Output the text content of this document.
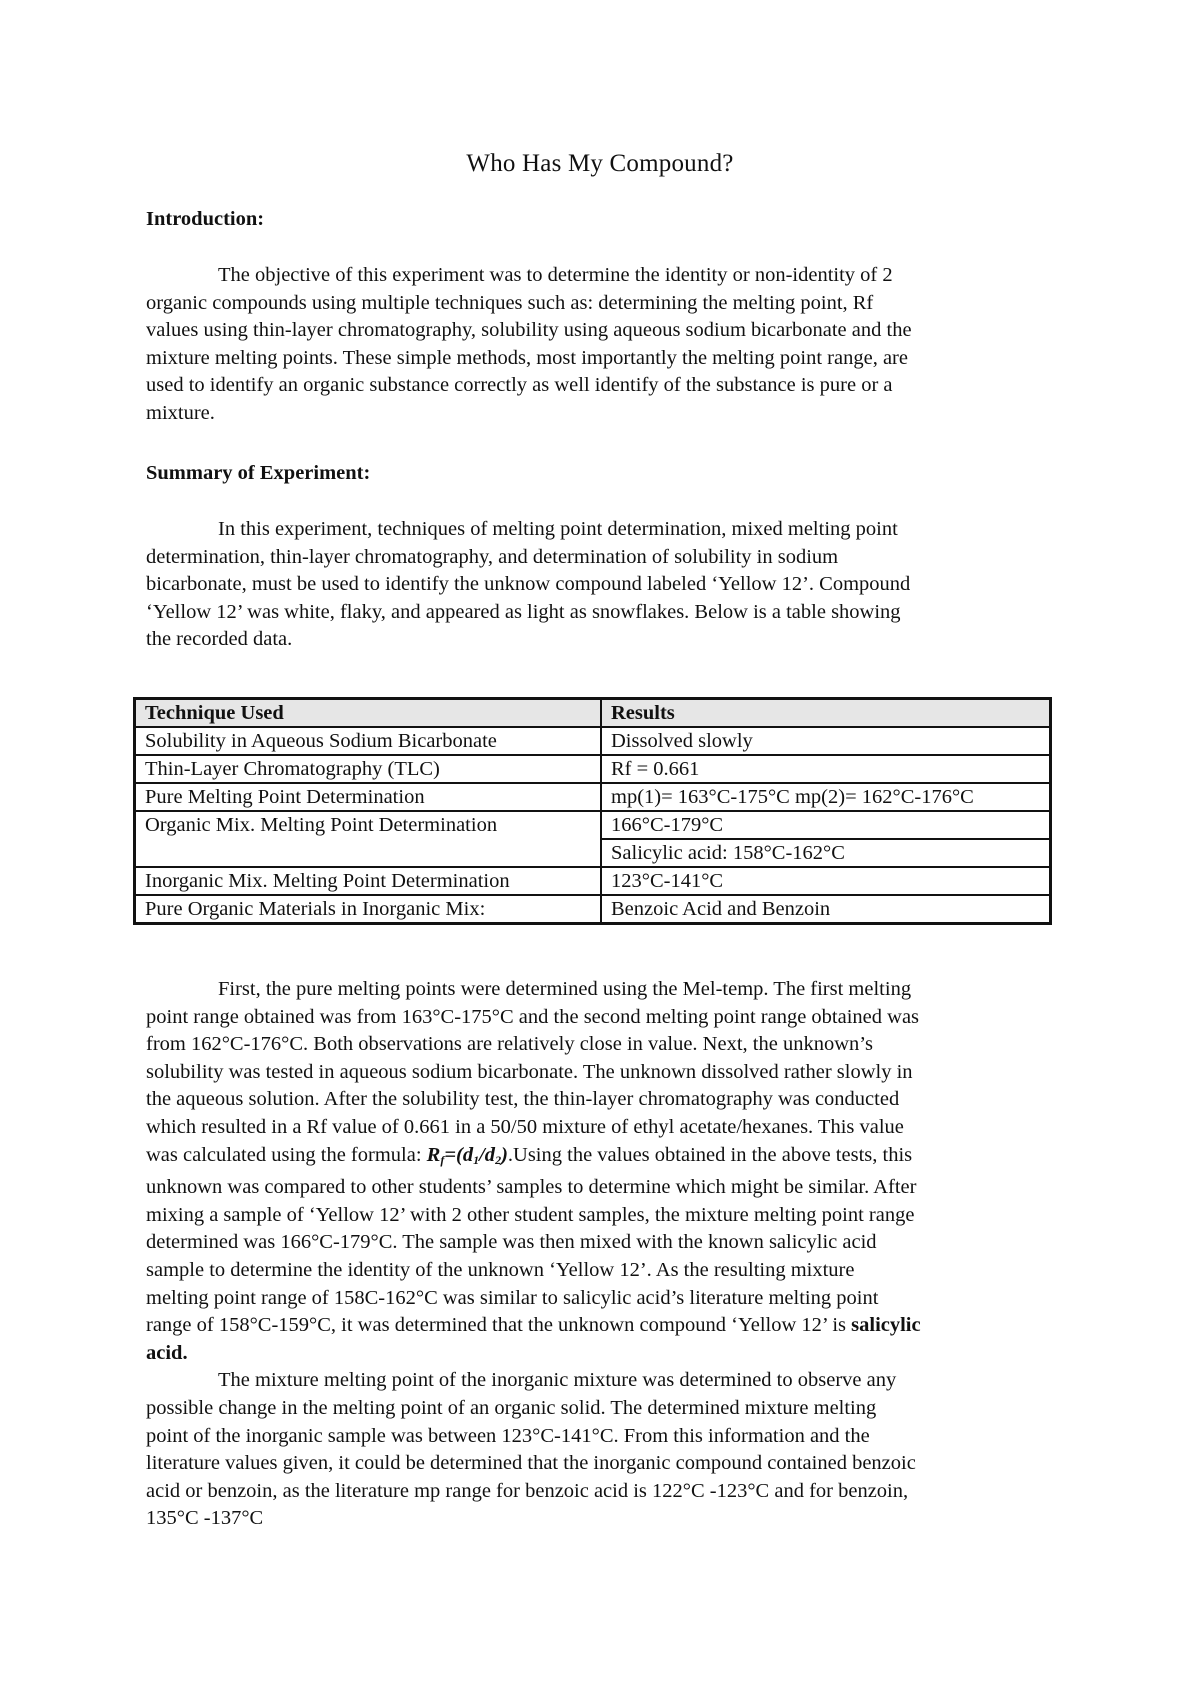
Who Has My Compound?
Introduction:
The objective of this experiment was to determine the identity or non-identity of 2
organic compounds using multiple techniques such as: determining the melting point, Rf
values using thin-layer chromatography, solubility using aqueous sodium bicarbonate and the
mixture melting points. These simple methods, most importantly the melting point range, are
used to identify an organic substance correctly as well identify of the substance is pure or a
mixture.
Summary of Experiment:
In this experiment, techniques of melting point determination, mixed melting point
determination, thin-layer chromatography, and determination of solubility in sodium
bicarbonate, must be used to identify the unknow compound labeled ‘Yellow 12’. Compound
‘Yellow 12’ was white, flaky, and appeared as light as snowflakes. Below is a table showing
the recorded data.
Technique Used	Results
Solubility in Aqueous Sodium Bicarbonate	Dissolved slowly
Thin-Layer Chromatography (TLC)	Rf = 0.661
Pure Melting Point Determination	mp(1)= 163°C-175°C mp(2)= 162°C-176°C
Organic Mix. Melting Point Determination	166°C-179°C
	Salicylic acid: 158°C-162°C
Inorganic Mix. Melting Point Determination	123°C-141°C
Pure Organic Materials in Inorganic Mix:	Benzoic Acid and Benzoin
First, the pure melting points were determined using the Mel-temp. The first melting
point range obtained was from 163°C-175°C and the second melting point range obtained was
from 162°C-176°C. Both observations are relatively close in value. Next, the unknown’s
solubility was tested in aqueous sodium bicarbonate. The unknown dissolved rather slowly in
the aqueous solution. After the solubility test, the thin-layer chromatography was conducted
which resulted in a Rf value of 0.661 in a 50/50 mixture of ethyl acetate/hexanes. This value
was calculated using the formula: $R_f=(d_1/d_2).Using$ the values obtained in the above tests, this
unknown was compared to other students’ samples to determine which might be similar. After
mixing a sample of ‘Yellow 12’ with 2 other student samples, the mixture melting point range
determined was 166°C-179°C. The sample was then mixed with the known salicylic acid
sample to determine the identity of the unknown ‘Yellow 12’. As the resulting mixture
melting point range of 158C-162°C was similar to salicylic acid’s literature melting point
range of 158°C-159°C, it was determined that the unknown compound ‘Yellow 12’ is salicylic
acid.
The mixture melting point of the inorganic mixture was determined to observe any
possible change in the melting point of an organic solid. The determined mixture melting
point of the inorganic sample was between 123°C-141°C. From this information and the
literature values given, it could be determined that the inorganic compound contained benzoic
acid or benzoin, as the literature mp range for benzoic acid is 122°C -123°C and for benzoin,
135°C -137°C
